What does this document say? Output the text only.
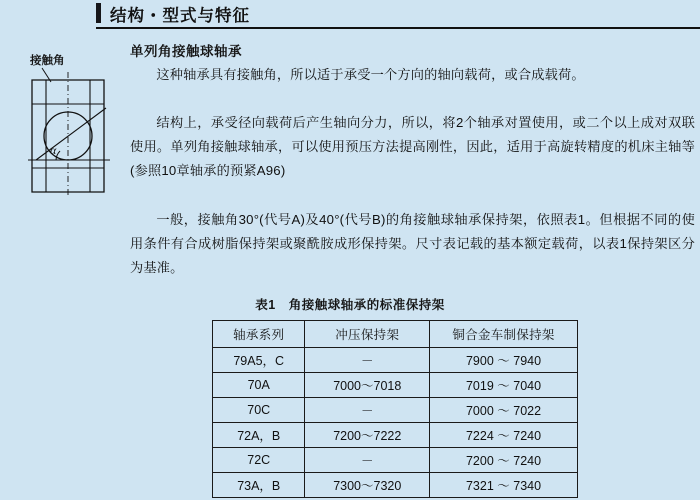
结构・型式与特征
接触角
α
单列角接触球轴承
这种轴承具有接触角，所以适于承受一个方向的轴向载荷，或合成载荷。
结构上，承受径向载荷后产生轴向分力，所以，将2个轴承对置使用，或二个以上成对双联使用。单列角接触球轴承，可以使用预压方法提高刚性，因此，适用于高旋转精度的机床主轴等(参照10章轴承的预紧A96)
一般，接触角30°(代号A)及40°(代号B)的角接触球轴承保持架，依照表1。但根据不同的使用条件有合成树脂保持架或聚酰胺成形保持架。尺寸表记载的基本额定载荷，以表1保持架区分为基准。
表1　角接触球轴承的标准保持架
轴承系列	冲压保持架	铜合金车制保持架
79A5，C	－	7900 ～ 7940
70A	7000～7018	7019 ～ 7040
70C	－	7000 ～ 7022
72A，B	7200～7222	7224 ～ 7240
72C	－	7200 ～ 7240
73A，B	7300～7320	7321 ～ 7340
